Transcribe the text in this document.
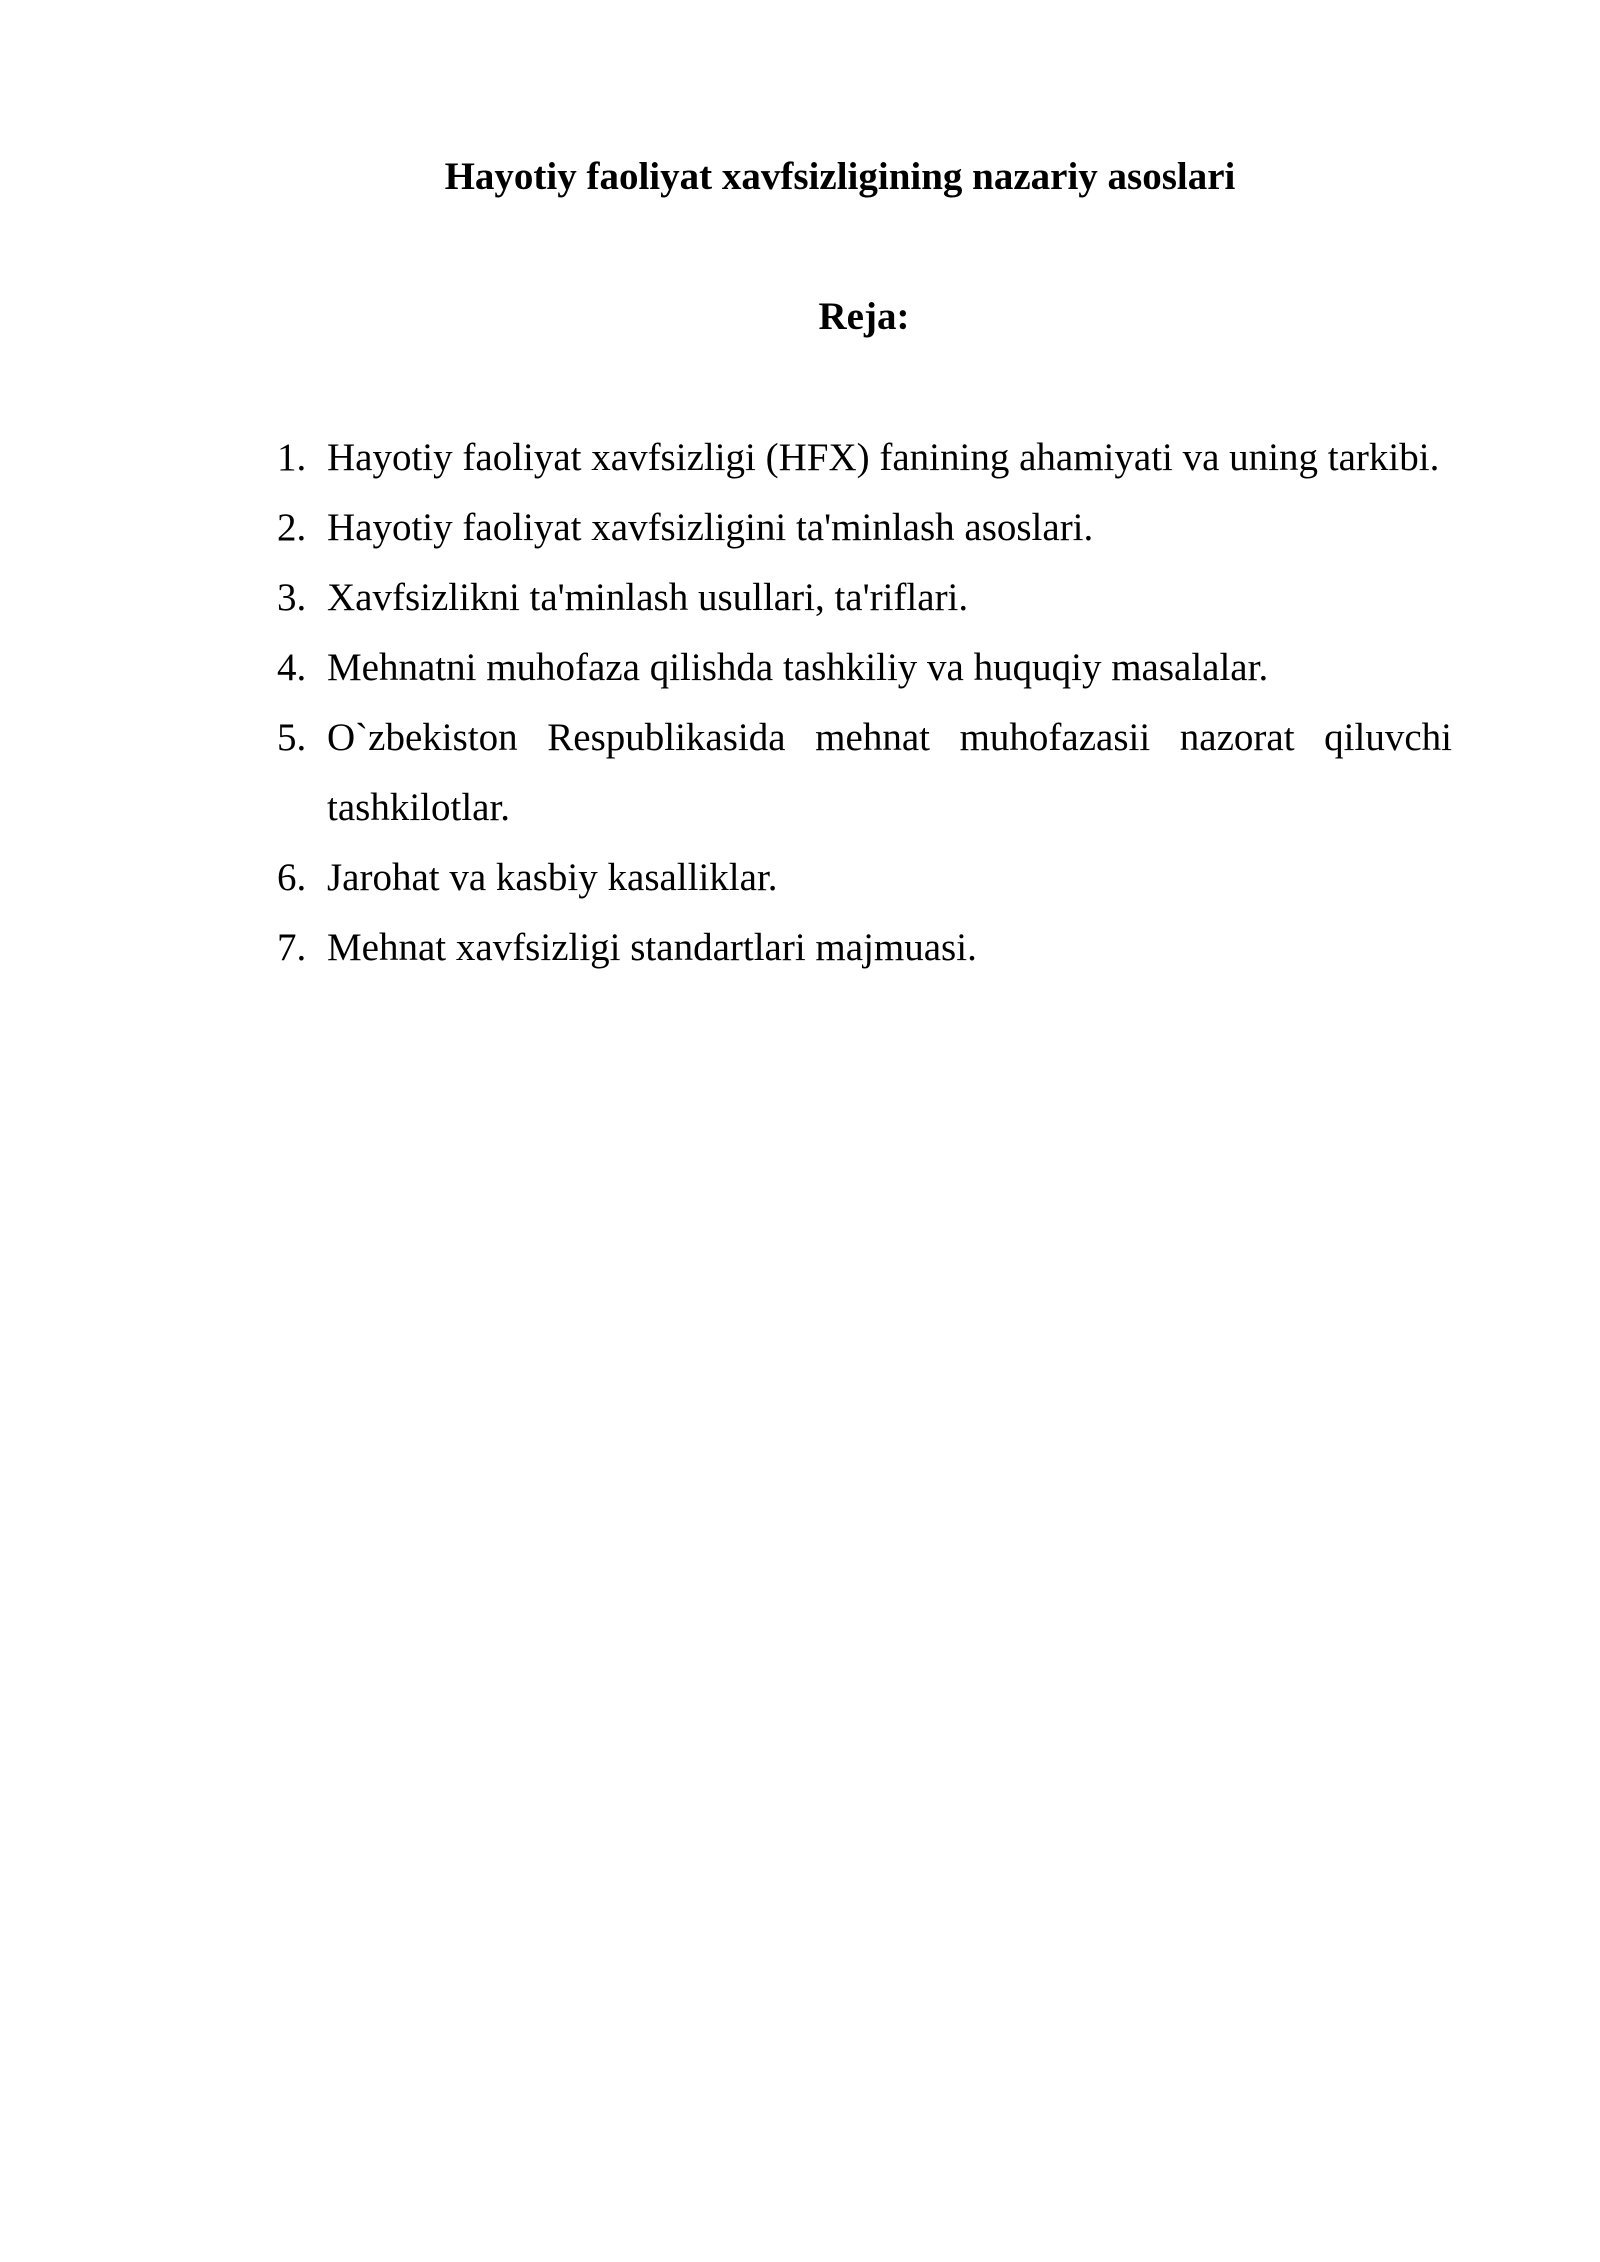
Hayotiy faoliyat xavfsizligining nazariy asoslari
Reja:
1. Hayotiy faoliyat xavfsizligi (HFX) fanining ahamiyati va uning tarkibi.
2. Hayotiy faoliyat xavfsizligini ta'minlash asoslari.
3. Xavfsizlikni ta'minlash usullari, ta'riflari.
4. Mehnatni muhofaza qilishda tashkiliy va huquqiy masalalar.
5. O`zbekiston Respublikasida mehnat muhofazasii nazorat qiluvchi tashkilotlar.
6. Jarohat va kasbiy kasalliklar.
7. Mehnat xavfsizligi standartlari majmuasi.
